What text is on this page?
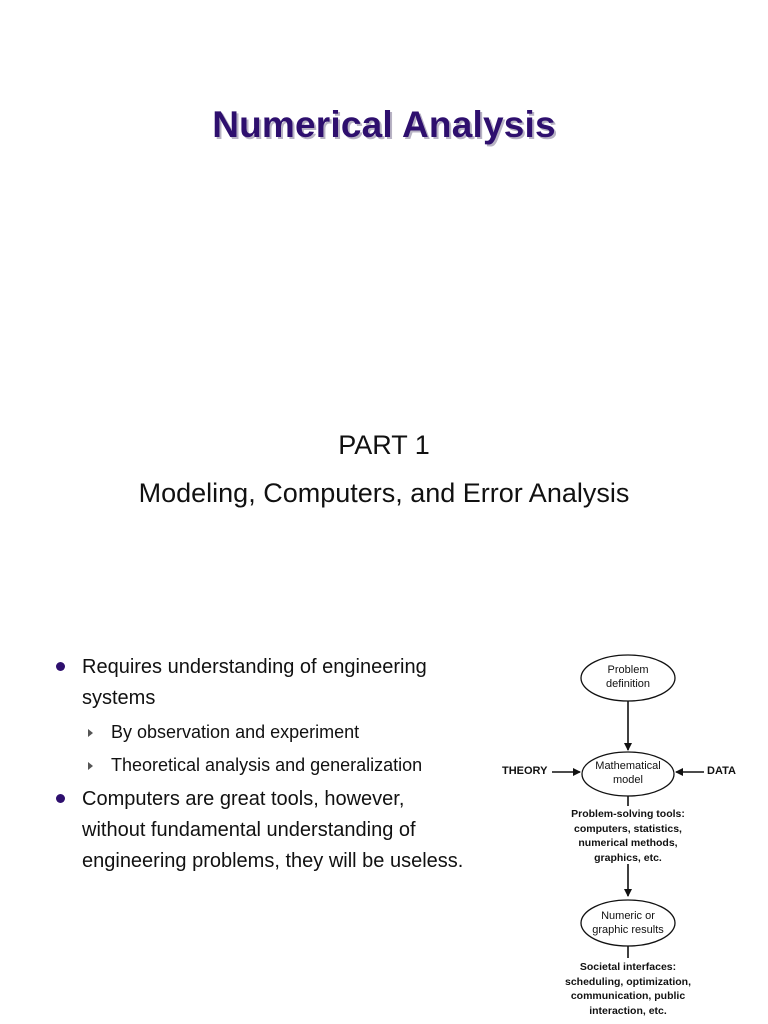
Numerical Analysis
PART 1
Modeling, Computers, and Error Analysis
Requires understanding of engineering systems
By observation and experiment
Theoretical analysis and generalization
Computers are great tools, however, without fundamental understanding of engineering problems, they will be useless.
Problem definition
Mathematical model
THEORY	DATA
Problem-solving tools: computers, statistics, numerical methods, graphics, etc.
Numeric or graphic results
Societal interfaces: scheduling, optimization, communication, public interaction, etc.
